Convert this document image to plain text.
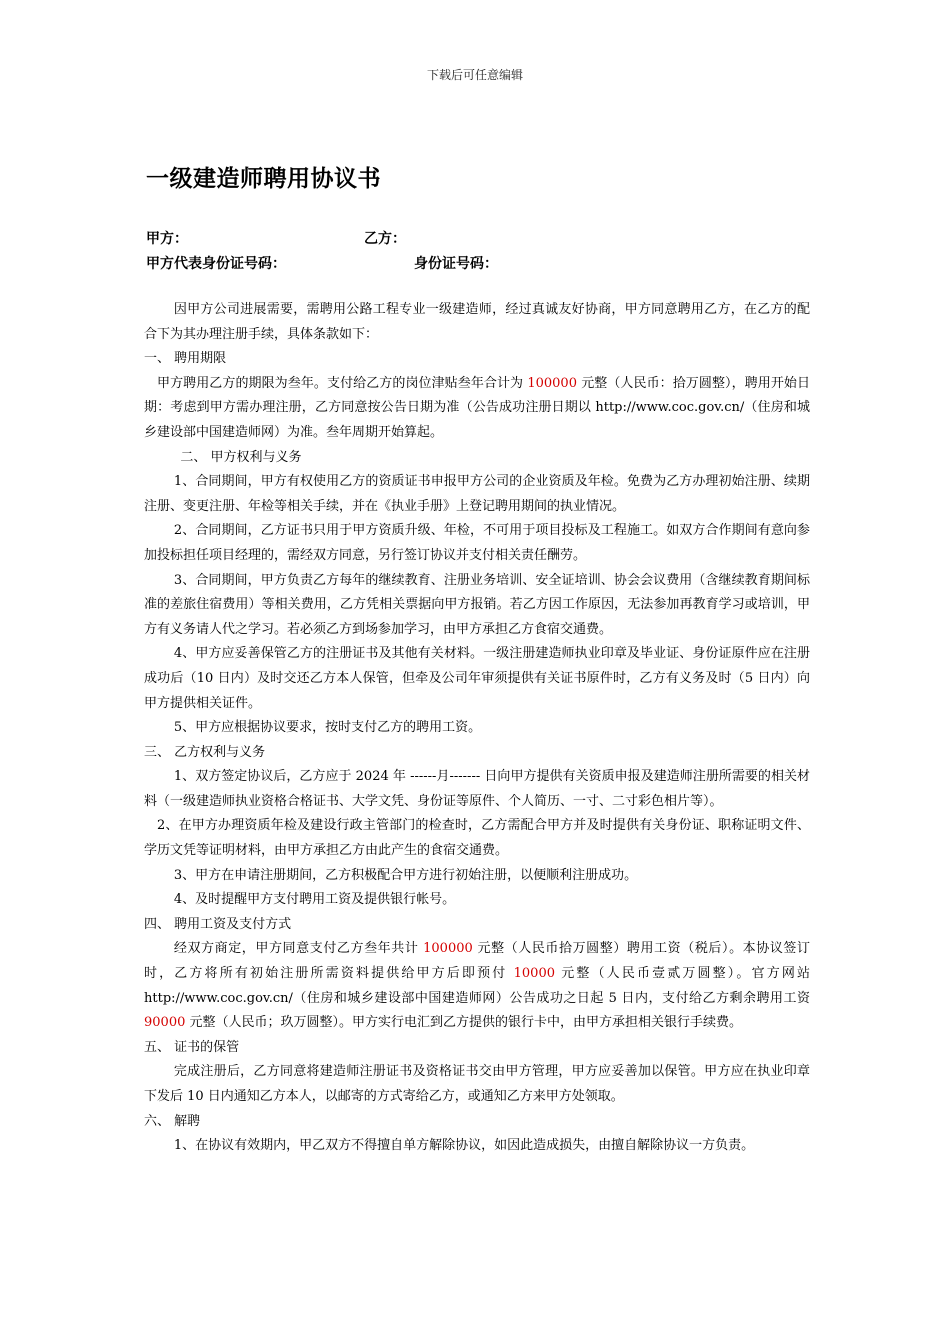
下载后可任意编辑
一级建造师聘用协议书
甲方：	乙方：
甲方代表身份证号码：	身份证号码：

因甲方公司进展需要，需聘用公路工程专业一级建造师，经过真诚友好协商，甲方同意聘用乙方，在乙方的配合下为其办理注册手续，具体条款如下：

一、 聘用期限

甲方聘用乙方的期限为叁年。支付给乙方的岗位津贴叁年合计为 100000 元整（人民币：拾万圆整），聘用开始日期：考虑到甲方需办理注册，乙方同意按公告日期为准（公告成功注册日期以 http://www.coc.gov.cn/（住房和城乡建设部中国建造师网）为准。叁年周期开始算起。

二、 甲方权利与义务

1、合同期间，甲方有权使用乙方的资质证书申报甲方公司的企业资质及年检。免费为乙方办理初始注册、续期注册、变更注册、年检等相关手续，并在《执业手册》上登记聘用期间的执业情况。

2、合同期间，乙方证书只用于甲方资质升级、年检，不可用于项目投标及工程施工。如双方合作期间有意向参加投标担任项目经理的，需经双方同意，另行签订协议并支付相关责任酬劳。

3、合同期间，甲方负责乙方每年的继续教育、注册业务培训、安全证培训、协会会议费用（含继续教育期间标准的差旅住宿费用）等相关费用，乙方凭相关票据向甲方报销。若乙方因工作原因，无法参加再教育学习或培训，甲方有义务请人代之学习。若必须乙方到场参加学习，由甲方承担乙方食宿交通费。

4、甲方应妥善保管乙方的注册证书及其他有关材料。一级注册建造师执业印章及毕业证、身份证原件应在注册成功后（10 日内）及时交还乙方本人保管，但牵及公司年审须提供有关证书原件时，乙方有义务及时（5 日内）向甲方提供相关证件。

5、甲方应根据协议要求，按时支付乙方的聘用工资。

三、 乙方权利与义务

1、双方签定协议后，乙方应于 2024 年 ------月------- 日向甲方提供有关资质申报及建造师注册所需要的相关材料（一级建造师执业资格合格证书、大学文凭、身份证等原件、个人简历、一寸、二寸彩色相片等）。

2、在甲方办理资质年检及建设行政主管部门的检查时，乙方需配合甲方并及时提供有关身份证、职称证明文件、学历文凭等证明材料，由甲方承担乙方由此产生的食宿交通费。

3、甲方在申请注册期间，乙方积极配合甲方进行初始注册，以便顺利注册成功。

4、及时提醒甲方支付聘用工资及提供银行帐号。

四、 聘用工资及支付方式

经双方商定，甲方同意支付乙方叁年共计 100000 元整（人民币拾万圆整）聘用工资（税后）。本协议签订时，乙方将所有初始注册所需资料提供给甲方后即预付 10000 元整（人民币壹贰万圆整）。官方网站 http://www.coc.gov.cn/（住房和城乡建设部中国建造师网）公告成功之日起 5 日内，支付给乙方剩余聘用工资 90000 元整（人民币；玖万圆整）。甲方实行电汇到乙方提供的银行卡中，由甲方承担相关银行手续费。

五、 证书的保管

完成注册后，乙方同意将建造师注册证书及资格证书交由甲方管理，甲方应妥善加以保管。甲方应在执业印章下发后 10 日内通知乙方本人，以邮寄的方式寄给乙方，或通知乙方来甲方处领取。

六、 解聘

1、在协议有效期内，甲乙双方不得擅自单方解除协议，如因此造成损失，由擅自解除协议一方负责。
